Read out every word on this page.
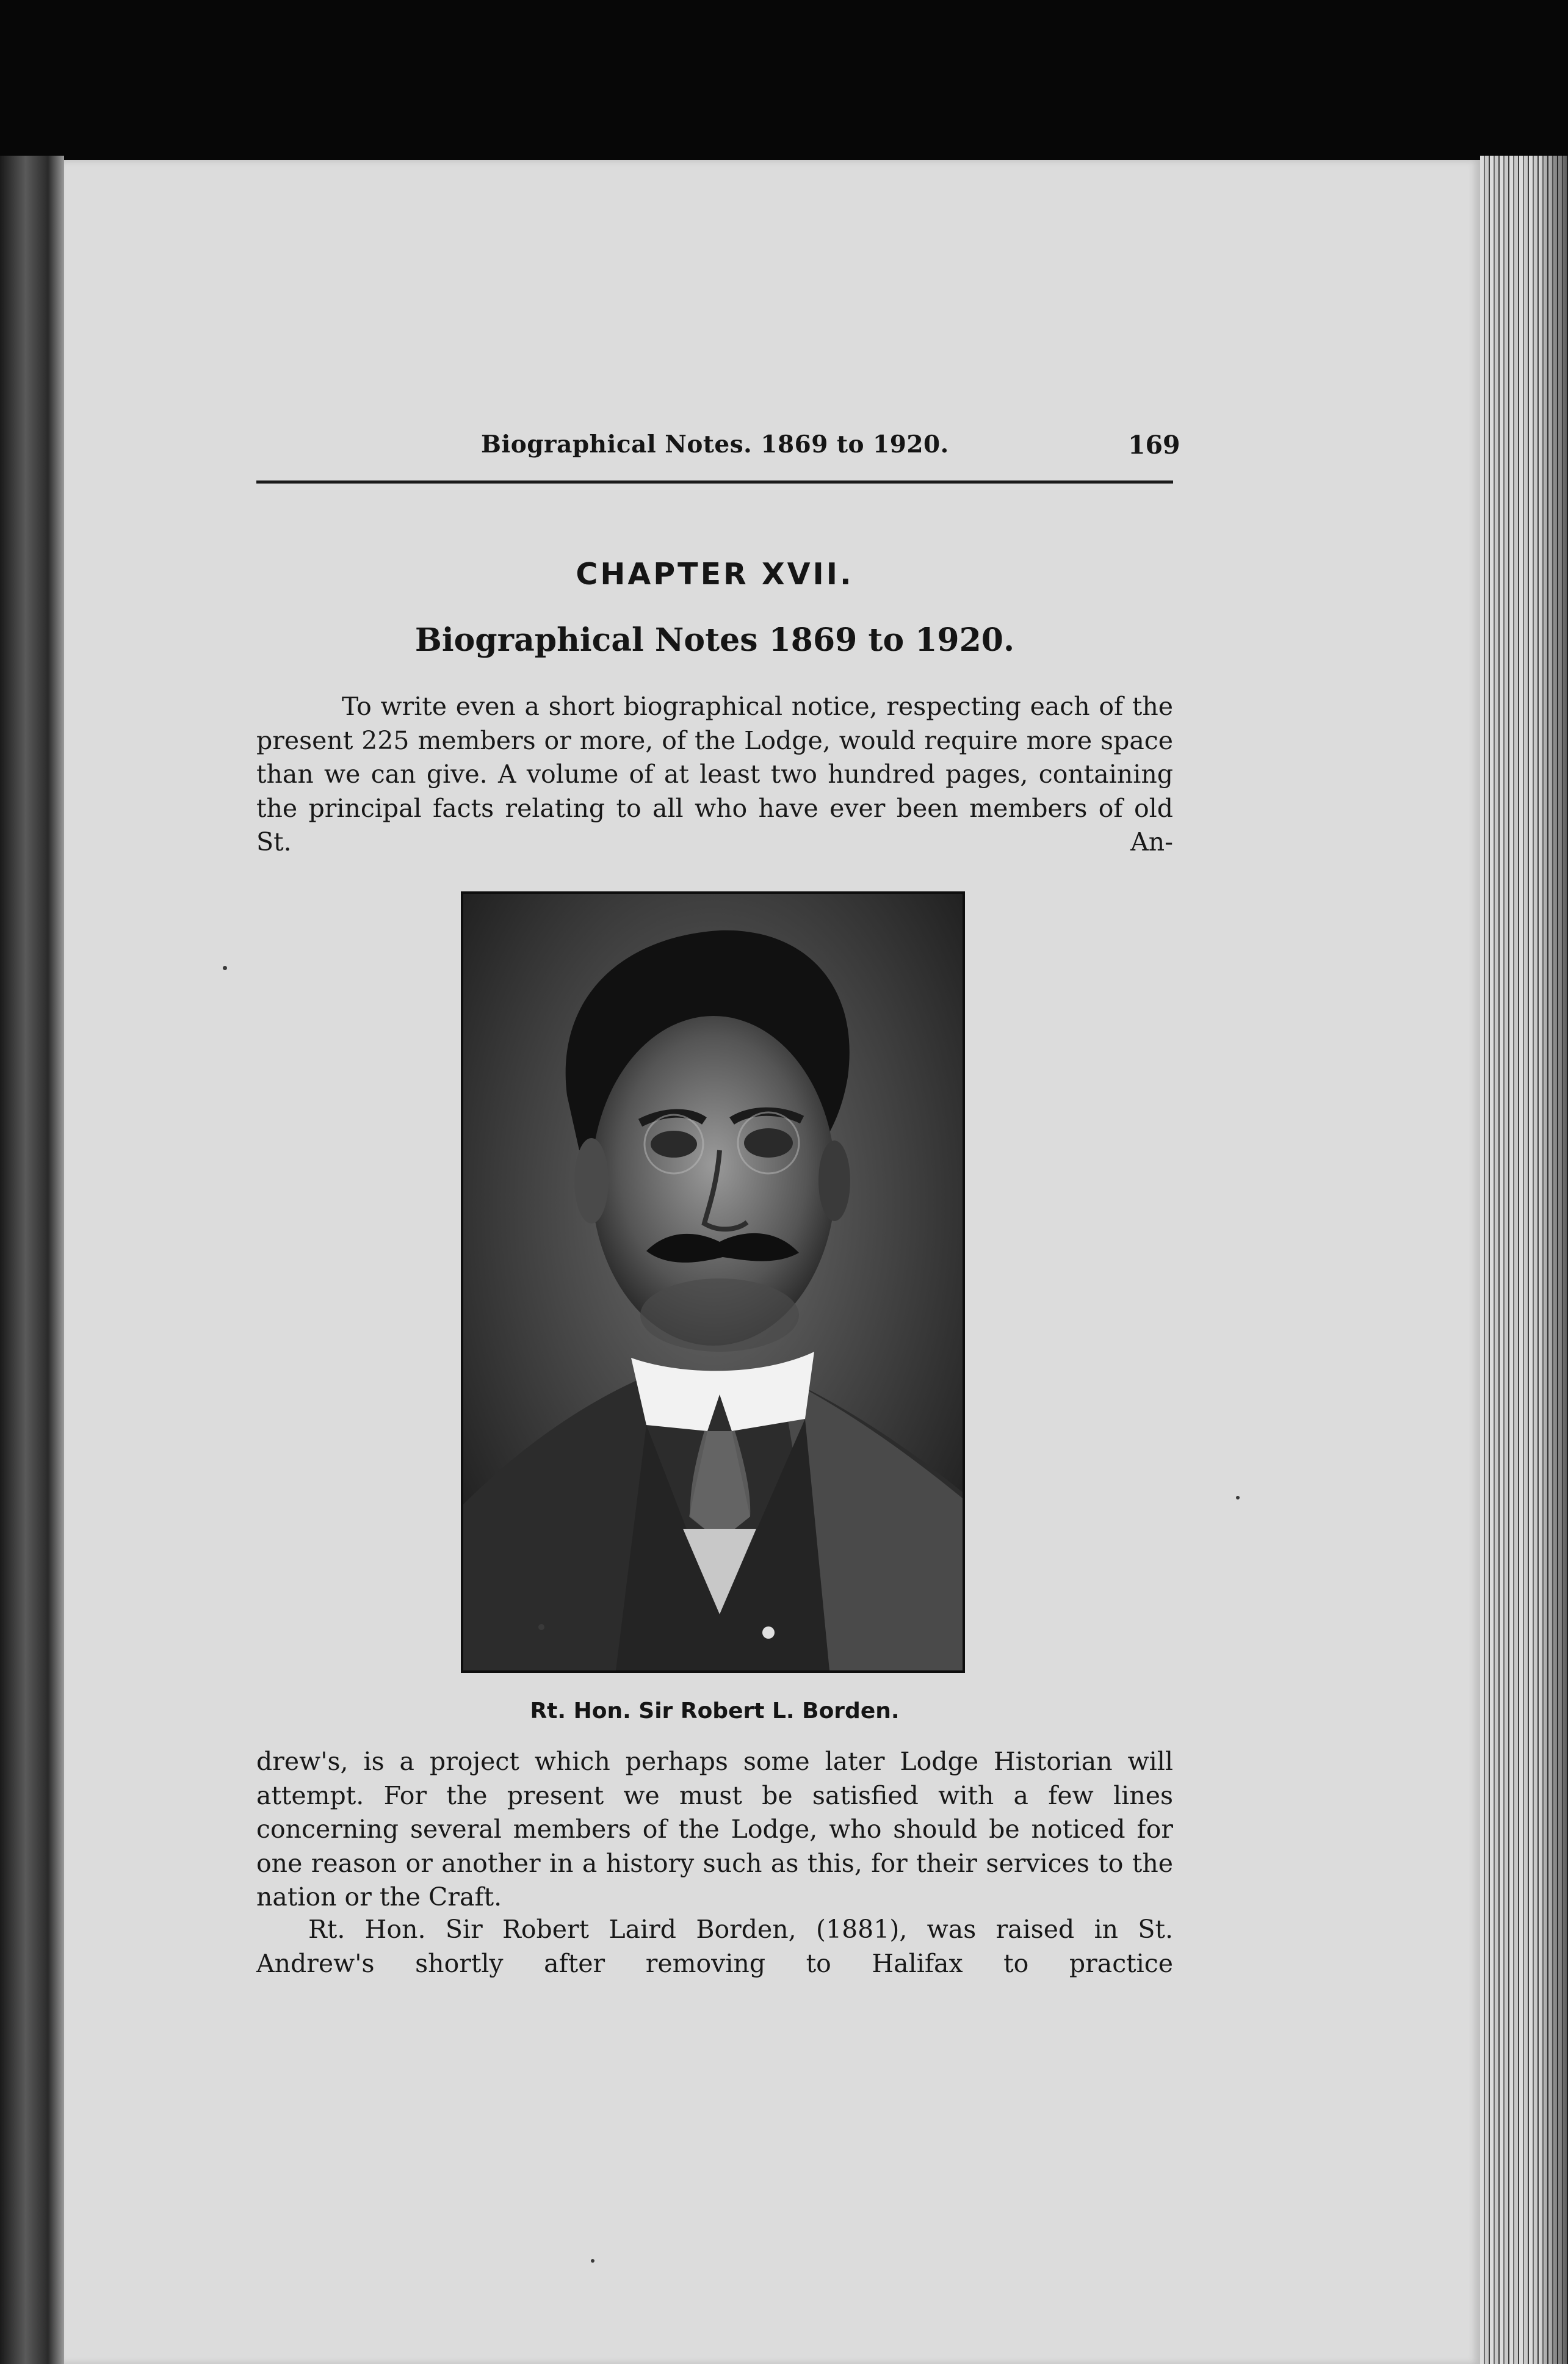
Biographical Notes. 1869 to 1920.	169
CHAPTER XVII.
Biographical Notes 1869 to 1920.

To write even a short biographical notice, respecting each of the present 225 members or more, of the Lodge, would require more space than we can give. A volume of at least two hundred pages, containing the principal facts relating to all who have ever been members of old St. An-

Rt. Hon. Sir Robert L. Borden.

drew's, is a project which perhaps some later Lodge Historian will attempt. For the present we must be satisfied with a few lines concerning several members of the Lodge, who should be noticed for one reason or another in a history such as this, for their services to the nation or the Craft.

Rt. Hon. Sir Robert Laird Borden, (1881), was raised in St. Andrew's shortly after removing to Halifax to practice
